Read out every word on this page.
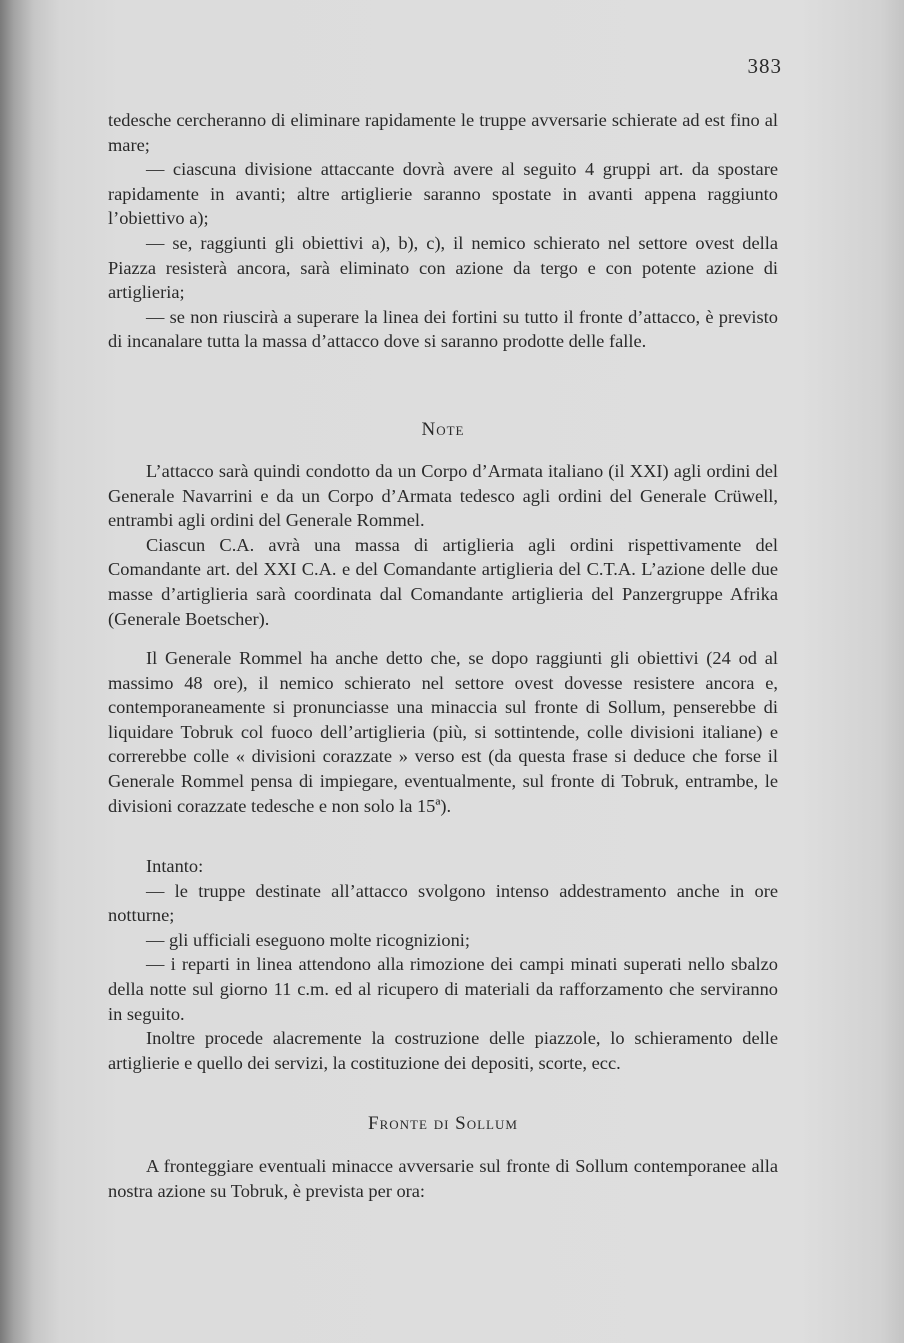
383

tedesche cercheranno di eliminare rapidamente le truppe avversarie schierate ad est fino al mare;

— ciascuna divisione attaccante dovrà avere al seguito 4 gruppi art. da spostare rapidamente in avanti; altre artiglierie saranno spostate in avanti appena raggiunto l’obiettivo a);

— se, raggiunti gli obiettivi a), b), c), il nemico schierato nel settore ovest della Piazza resisterà ancora, sarà eliminato con azione da tergo e con potente azione di artiglieria;

— se non riuscirà a superare la linea dei fortini su tutto il fronte d’attacco, è previsto di incanalare tutta la massa d’attacco dove si saranno prodotte delle falle.

Note

L’attacco sarà quindi condotto da un Corpo d’Armata italiano (il XXI) agli ordini del Generale Navarrini e da un Corpo d’Armata tedesco agli ordini del Generale Crüwell, entrambi agli ordini del Generale Rommel.

Ciascun C.A. avrà una massa di artiglieria agli ordini rispettivamente del Comandante art. del XXI C.A. e del Comandante artiglieria del C.T.A. L’azione delle due masse d’artiglieria sarà coordinata dal Comandante artiglieria del Panzergruppe Afrika (Generale Boetscher).

Il Generale Rommel ha anche detto che, se dopo raggiunti gli obiettivi (24 od al massimo 48 ore), il nemico schierato nel settore ovest dovesse resistere ancora e, contemporaneamente si pronunciasse una minaccia sul fronte di Sollum, penserebbe di liquidare Tobruk col fuoco dell’artiglieria (più, si sottintende, colle divisioni italiane) e correrebbe colle « divisioni corazzate » verso est (da questa frase si deduce che forse il Generale Rommel pensa di impiegare, eventualmente, sul fronte di Tobruk, entrambe, le divisioni corazzate tedesche e non solo la 15ª).

Intanto:

— le truppe destinate all’attacco svolgono intenso addestramento anche in ore notturne;

— gli ufficiali eseguono molte ricognizioni;

— i reparti in linea attendono alla rimozione dei campi minati superati nello sbalzo della notte sul giorno 11 c.m. ed al ricupero di materiali da rafforzamento che serviranno in seguito.

Inoltre procede alacremente la costruzione delle piazzole, lo schieramento delle artiglierie e quello dei servizi, la costituzione dei depositi, scorte, ecc.

Fronte di Sollum

A fronteggiare eventuali minacce avversarie sul fronte di Sollum contemporanee alla nostra azione su Tobruk, è prevista per ora:
